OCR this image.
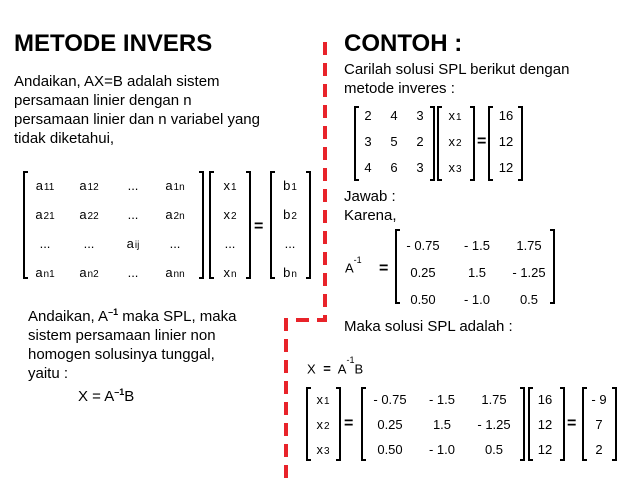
METODE INVERS
Andaikan, AX=B adalah sistem
persamaan linier dengan n
persamaan linier dan n variabel yang
tidak diketahui,
a11	a12	...	a1n
a21	a22	...	a2n
...	...	aij	...
an1	an2	...	ann
x1
x2
...
xn
b1
b2
...
bn
=
Andaikan, $A^{-1}$ maka SPL, maka
sistem persamaan linier non
homogen solusinya tunggal,
yaitu :
$X = A^{-1}B$
CONTOH :
Carilah solusi SPL berikut dengan
metode inveres :
2	4	3
3	5	2
4	6	3
x1
x2
x3
16
12
12
=
Jawab :
Karena,
$A^{-1}$ =
- 0.75	- 1.5	1.75
0.25	1.5	- 1.25
0.50	- 1.0	0.5
Maka solusi SPL adalah :
$X = A^{-1}B$
x1
x2
x3
=
- 0.75	- 1.5	1.75
0.25	1.5	- 1.25
0.50	- 1.0	0.5
16
12
12
=
- 9
7
2
